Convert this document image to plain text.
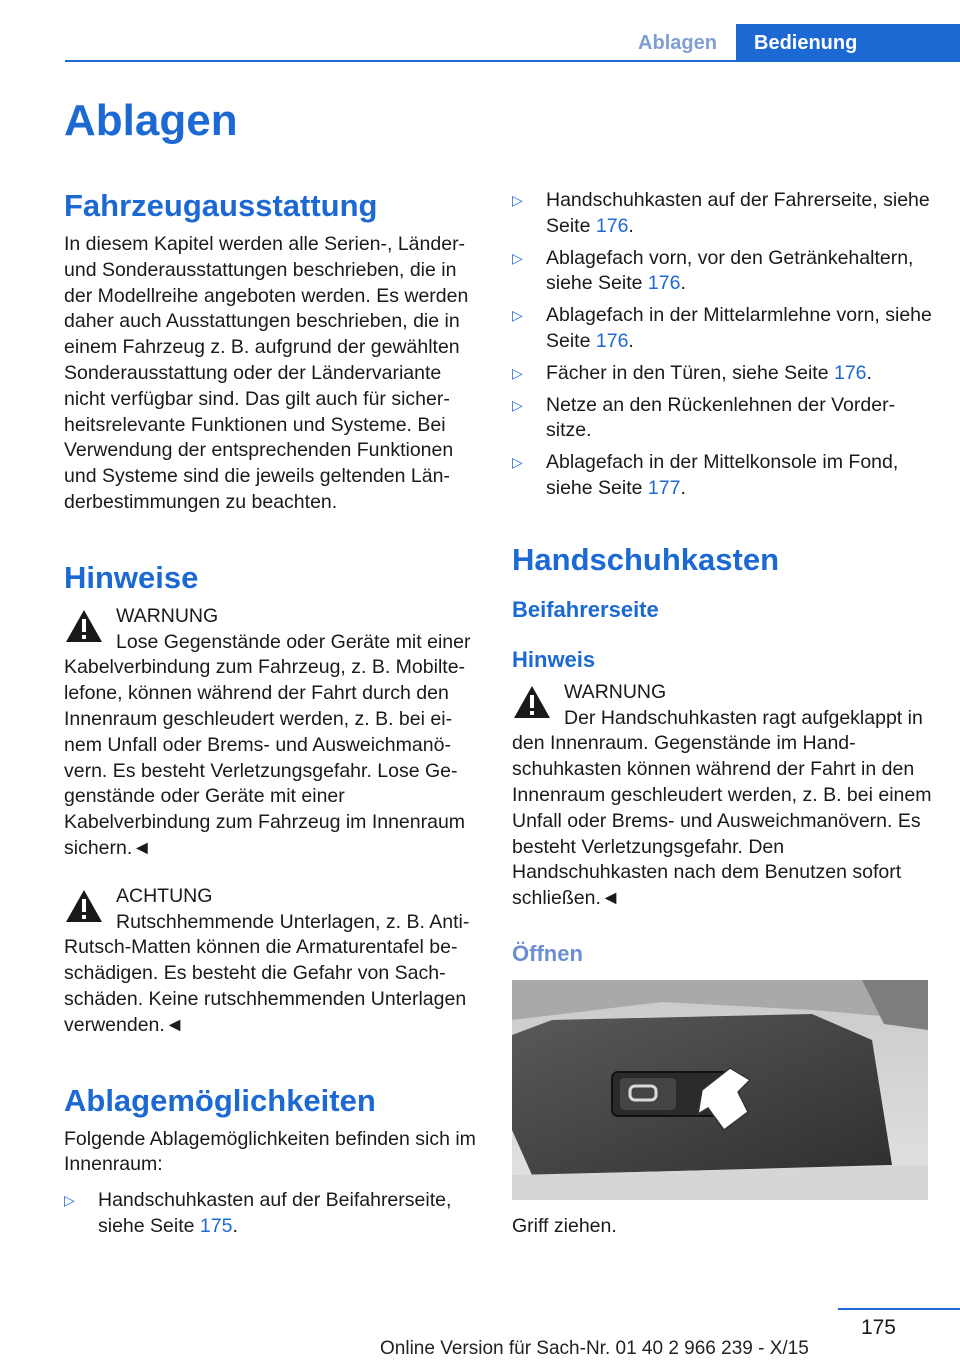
Ablagen	Bedienung
Ablagen
Fahrzeugausstattung

In diesem Kapitel werden alle Serien-, Länder- und Sonderausstattungen beschrieben, die in der Modellreihe angeboten werden. Es werden daher auch Ausstattungen beschrieben, die in einem Fahrzeug z. B. aufgrund der gewählten Sonderausstattung oder der Ländervariante nicht verfügbar sind. Das gilt auch für sicherheitsrelevante Funktionen und Systeme. Bei Verwendung der entsprechenden Funktionen und Systeme sind die jeweils geltenden Länderbestimmungen zu beachten.

Hinweise

WARNUNG

Lose Gegenstände oder Geräte mit einer Kabelverbindung zum Fahrzeug, z. B. Mobiltelefone, können während der Fahrt durch den Innenraum geschleudert werden, z. B. bei einem Unfall oder Brems- und Ausweichmanövern. Es besteht Verletzungsgefahr. Lose Gegenstände oder Geräte mit einer Kabelverbindung zum Fahrzeug im Innenraum sichern.◄

ACHTUNG

Rutschhemmende Unterlagen, z. B. Anti-Rutsch-Matten können die Armaturentafel beschädigen. Es besteht die Gefahr von Sachschäden. Keine rutschhemmenden Unterlagen verwenden.◄

Ablagemöglichkeiten

Folgende Ablagemöglichkeiten befinden sich im Innenraum:

▷ Handschuhkasten auf der Beifahrerseite, siehe Seite 175.
▷ Handschuhkasten auf der Fahrerseite, siehe Seite 176.
▷ Ablagefach vorn, vor den Getränkehaltern, siehe Seite 176.
▷ Ablagefach in der Mittelarmlehne vorn, siehe Seite 176.
▷ Fächer in den Türen, siehe Seite 176.
▷ Netze an den Rückenlehnen der Vordersitze.
▷ Ablagefach in der Mittelkonsole im Fond, siehe Seite 177.
Handschuhkasten
Beifahrerseite
Hinweis

WARNUNG

Der Handschuhkasten ragt aufgeklappt in den Innenraum. Gegenstände im Handschuhkasten können während der Fahrt in den Innenraum geschleudert werden, z. B. bei einem Unfall oder Brems- und Ausweichmanövern. Es besteht Verletzungsgefahr. Den Handschuhkasten nach dem Benutzen sofort schließen.◄

Öffnen

Griff ziehen.

175
Online Version für Sach-Nr. 01 40 2 966 239 - X/15
